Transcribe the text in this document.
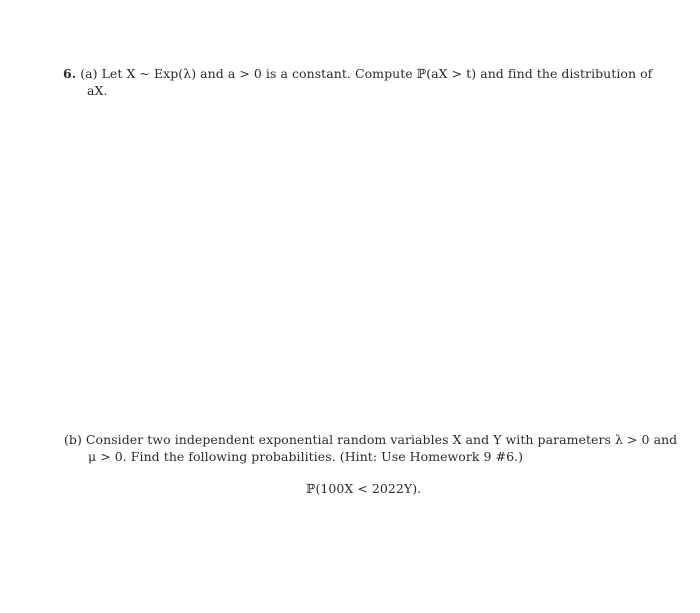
6. (a) Let X ~ Exp(λ) and a > 0 is a constant. Compute ℙ(aX > t) and find the distribution of
aX.
(b) Consider two independent exponential random variables X and Y with parameters λ > 0 and
μ > 0. Find the following probabilities. (Hint: Use Homework 9 #6.)
ℙ(100X < 2022Y).
